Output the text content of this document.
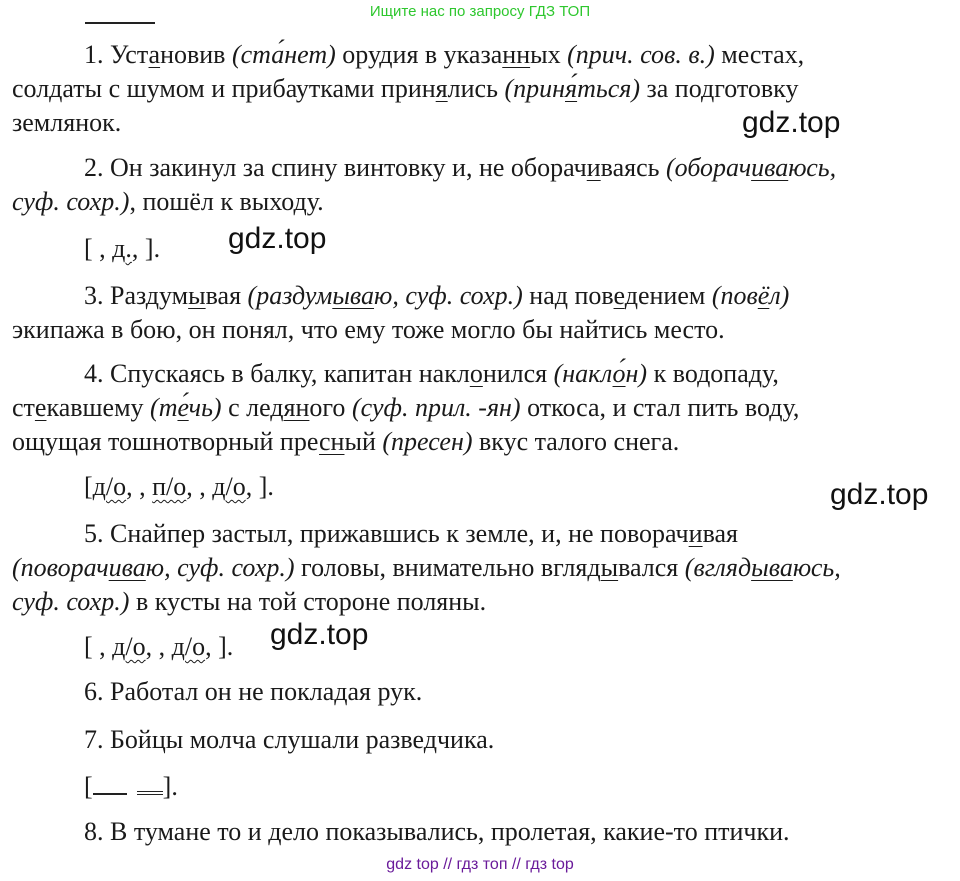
Ищите нас по запросу ГДЗ ТОП
1. Установив (ста́нет) орудия в указанных (прич. сов. в.) местах,
солдаты с шумом и прибаутками принялись (приня́ться) за подготовку
землянок.
2. Он закинул за спину винтовку и, не оборачиваясь (оборачиваюсь,
суф. сохр.), пошёл к выходу.
[ , д., ].
3. Раздумывая (раздумываю, суф. сохр.) над поведением (повёл)
экипажа в бою, он понял, что ему тоже могло бы найтись место.
4. Спускаясь в балку, капитан наклонился (накло́н) к водопаду,
стекавшему (те́чь) с ледяного (суф. прил. -ян) откоса, и стал пить воду,
ощущая тошнотворный пресный (пресен) вкус талого снега.
[д/о, , п/о, , д/о, ].
5. Снайпер застыл, прижавшись к земле, и, не поворачивая
(поворачиваю, суф. сохр.) головы, внимательно вглядывался (вглядываюсь,
суф. сохр.) в кусты на той стороне поляны.
[ , д/о, , д/о, ].
6. Работал он не покладая рук.
7. Бойцы молча слушали разведчика.
[	].
8. В тумане то и дело показывались, пролетая, какие-то птички.
gdz.top
gdz.top
gdz.top
gdz.top
gdz top // гдз топ // гдз top
